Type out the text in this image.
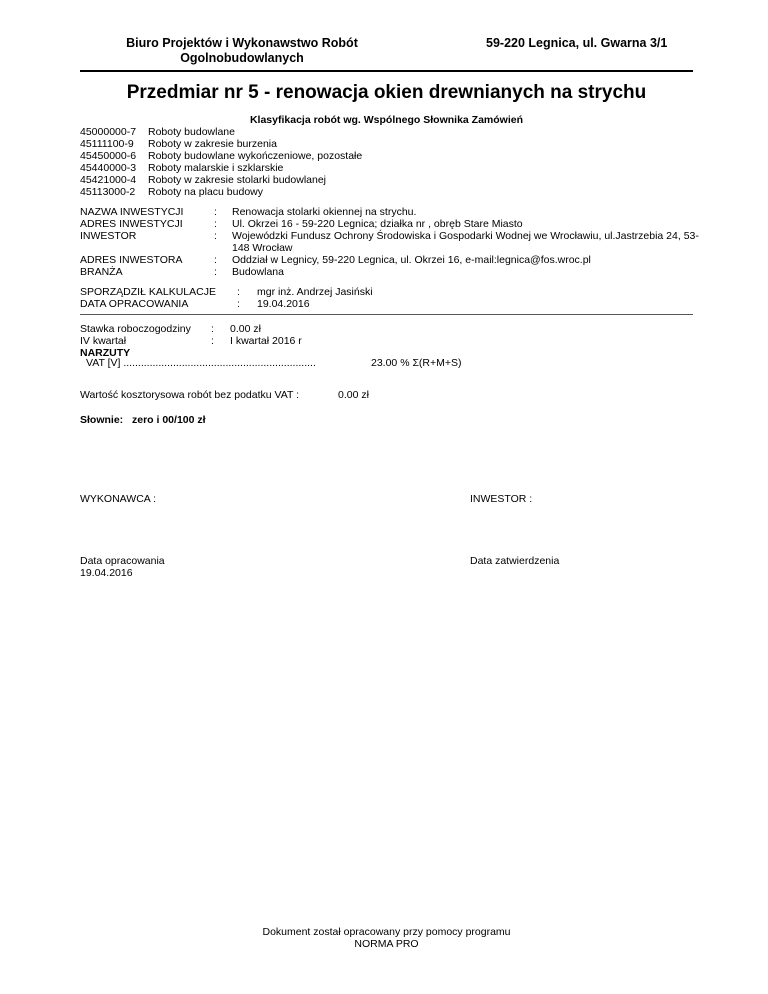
Biuro Projektów i Wykonawstwo Robót Ogolnobudowlanych
59-220 Legnica, ul. Gwarna 3/1
Przedmiar nr 5 - renowacja okien drewnianych na strychu
Klasyfikacja robót wg. Wspólnego Słownika Zamówień
45000000-7 Roboty budowlane
45111100-9 Roboty w zakresie burzenia
45450000-6 Roboty budowlane wykończeniowe, pozostałe
45440000-3 Roboty malarskie i szklarskie
45421000-4 Roboty w zakresie stolarki budowlanej
45113000-2 Roboty na placu budowy
NAZWA INWESTYCJI	: Renowacja stolarki okiennej na strychu.
ADRES INWESTYCJI	: Ul. Okrzei 16 - 59-220 Legnica; działka nr , obręb Stare Miasto
INWESTOR	: Wojewódzki Fundusz Ochrony Środowiska i Gospodarki Wodnej we Wrocławiu, ul.Jastrzebia 24, 53-148 Wrocław
ADRES INWESTORA	: Oddział w Legnicy, 59-220 Legnica, ul. Okrzei 16, e-mail:legnica@fos.wroc.pl
BRANŻA	: Budowlana
SPORZĄDZIŁ KALKULACJE : mgr inż. Andrzej Jasiński
DATA OPRACOWANIA	: 19.04.2016
Stawka roboczogodziny : 0.00 zł
IV kwartał	: I kwartał 2016 r
NARZUTY
VAT [V] ..................................................................	23.00 % Σ(R+M+S)
Wartość kosztorysowa robót bez podatku VAT :	0.00 zł
Słownie: zero i 00/100 zł
WYKONAWCA :	INWESTOR :
Data opracowania
19.04.2016
Data zatwierdzenia
Dokument został opracowany przy pomocy programu
NORMA PRO
